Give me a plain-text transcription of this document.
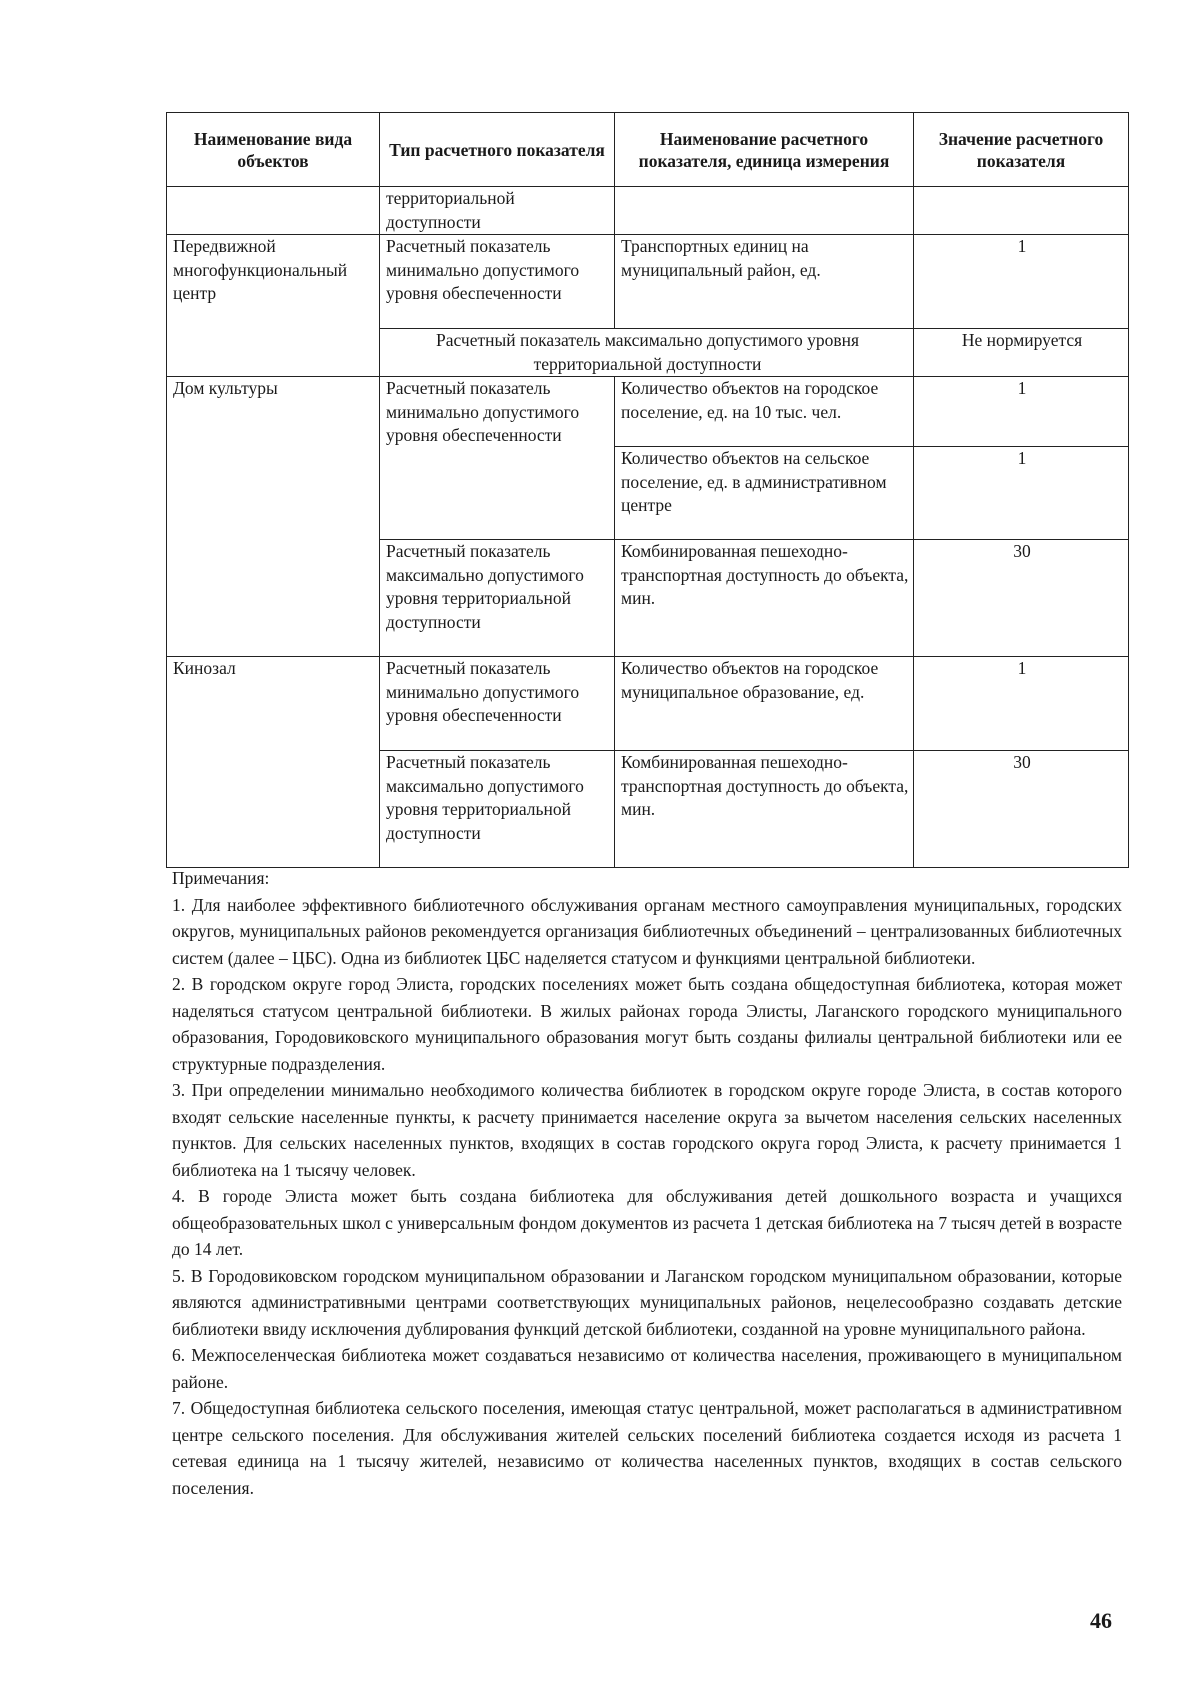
Наименование вида объектов	Тип расчетного показателя	Наименование расчетного показателя, единица измерения	Значение расчетного показателя
	территориальной доступности		
Передвижной многофункциональный центр	Расчетный показатель минимально допустимого уровня обеспеченности	Транспортных единиц на муниципальный район, ед.	1
	Расчетный показатель максимально допустимого уровня территориальной доступности		Не нормируется
Дом культуры	Расчетный показатель минимально допустимого уровня обеспеченности	Количество объектов на городское поселение, ед. на 10 тыс. чел.	1
		Количество объектов на сельское поселение, ед. в административном центре	1
	Расчетный показатель максимально допустимого уровня территориальной доступности	Комбинированная пешеходно-транспортная доступность до объекта, мин.	30
Кинозал	Расчетный показатель минимально допустимого уровня обеспеченности	Количество объектов на городское муниципальное образование, ед.	1
	Расчетный показатель максимально допустимого уровня территориальной доступности	Комбинированная пешеходно-транспортная доступность до объекта, мин.	30

Примечания:

1. Для наиболее эффективного библиотечного обслуживания органам местного самоуправления муниципальных, городских округов, муниципальных районов рекомендуется организация библиотечных объединений – централизованных библиотечных систем (далее – ЦБС). Одна из библиотек ЦБС наделяется статусом и функциями центральной библиотеки.

2. В городском округе город Элиста, городских поселениях может быть создана общедоступная библиотека, которая может наделяться статусом центральной библиотеки. В жилых районах города Элисты, Лаганского городского муниципального образования, Городовиковского муниципального образования могут быть созданы филиалы центральной библиотеки или ее структурные подразделения.

3. При определении минимально необходимого количества библиотек в городском округе городе Элиста, в состав которого входят сельские населенные пункты, к расчету принимается население округа за вычетом населения сельских населенных пунктов. Для сельских населенных пунктов, входящих в состав городского округа город Элиста, к расчету принимается 1 библиотека на 1 тысячу человек.

4. В городе Элиста может быть создана библиотека для обслуживания детей дошкольного возраста и учащихся общеобразовательных школ с универсальным фондом документов из расчета 1 детская библиотека на 7 тысяч детей в возрасте до 14 лет.

5. В Городовиковском городском муниципальном образовании и Лаганском городском муниципальном образовании, которые являются административными центрами соответствующих муниципальных районов, нецелесообразно создавать детские библиотеки ввиду исключения дублирования функций детской библиотеки, созданной на уровне муниципального района.

6. Межпоселенческая библиотека может создаваться независимо от количества населения, проживающего в муниципальном районе.

7. Общедоступная библиотека сельского поселения, имеющая статус центральной, может располагаться в административном центре сельского поселения. Для обслуживания жителей сельских поселений библиотека создается исходя из расчета 1 сетевая единица на 1 тысячу жителей, независимо от количества населенных пунктов, входящих в состав сельского поселения.

46
